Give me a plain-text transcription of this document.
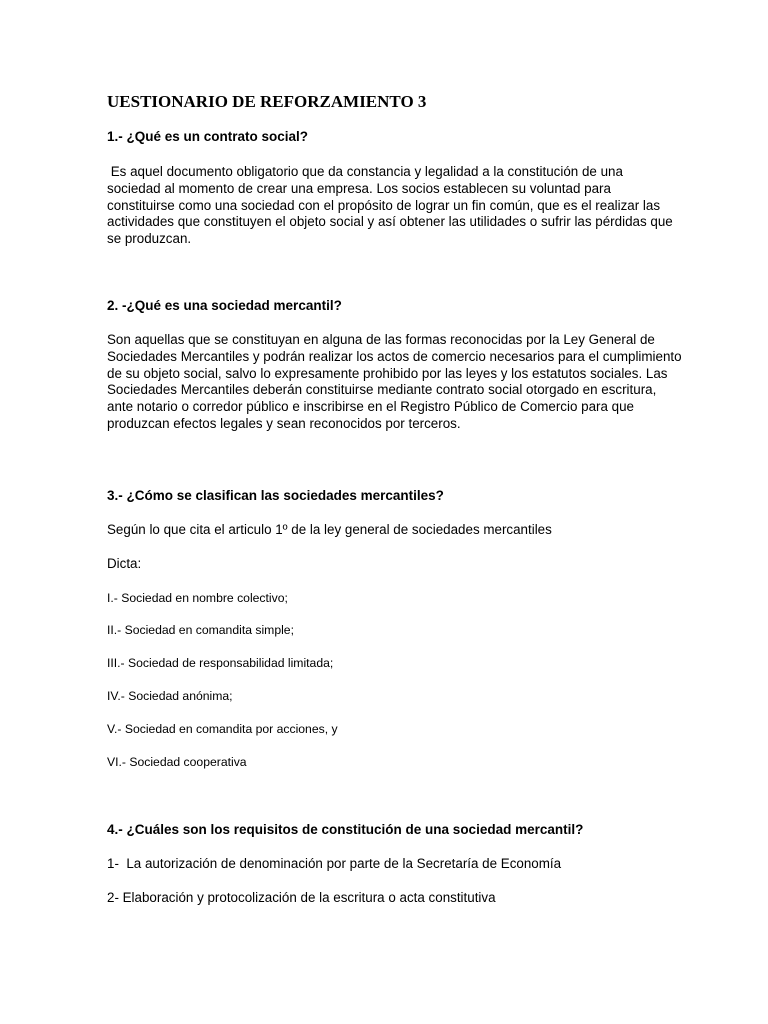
UESTIONARIO DE REFORZAMIENTO 3

1.- ¿Qué es un contrato social?

Es aquel documento obligatorio que da constancia y legalidad a la constitución de una sociedad al momento de crear una empresa. Los socios establecen su voluntad para constituirse como una sociedad con el propósito de lograr un fin común, que es el realizar las actividades que constituyen el objeto social y así obtener las utilidades o sufrir las pérdidas que se produzcan.

2. -¿Qué es una sociedad mercantil?

Son aquellas que se constituyan en alguna de las formas reconocidas por la Ley General de Sociedades Mercantiles y podrán realizar los actos de comercio necesarios para el cumplimiento de su objeto social, salvo lo expresamente prohibido por las leyes y los estatutos sociales. Las Sociedades Mercantiles deberán constituirse mediante contrato social otorgado en escritura, ante notario o corredor público e inscribirse en el Registro Público de Comercio para que produzcan efectos legales y sean reconocidos por terceros.

3.- ¿Cómo se clasifican las sociedades mercantiles?

Según lo que cita el articulo 1º de la ley general de sociedades mercantiles

Dicta:

I.- Sociedad en nombre colectivo;

II.- Sociedad en comandita simple;

III.- Sociedad de responsabilidad limitada;

IV.- Sociedad anónima;

V.- Sociedad en comandita por acciones, y

VI.- Sociedad cooperativa

4.- ¿Cuáles son los requisitos de constitución de una sociedad mercantil?

1-  La autorización de denominación por parte de la Secretaría de Economía

2- Elaboración y protocolización de la escritura o acta constitutiva
